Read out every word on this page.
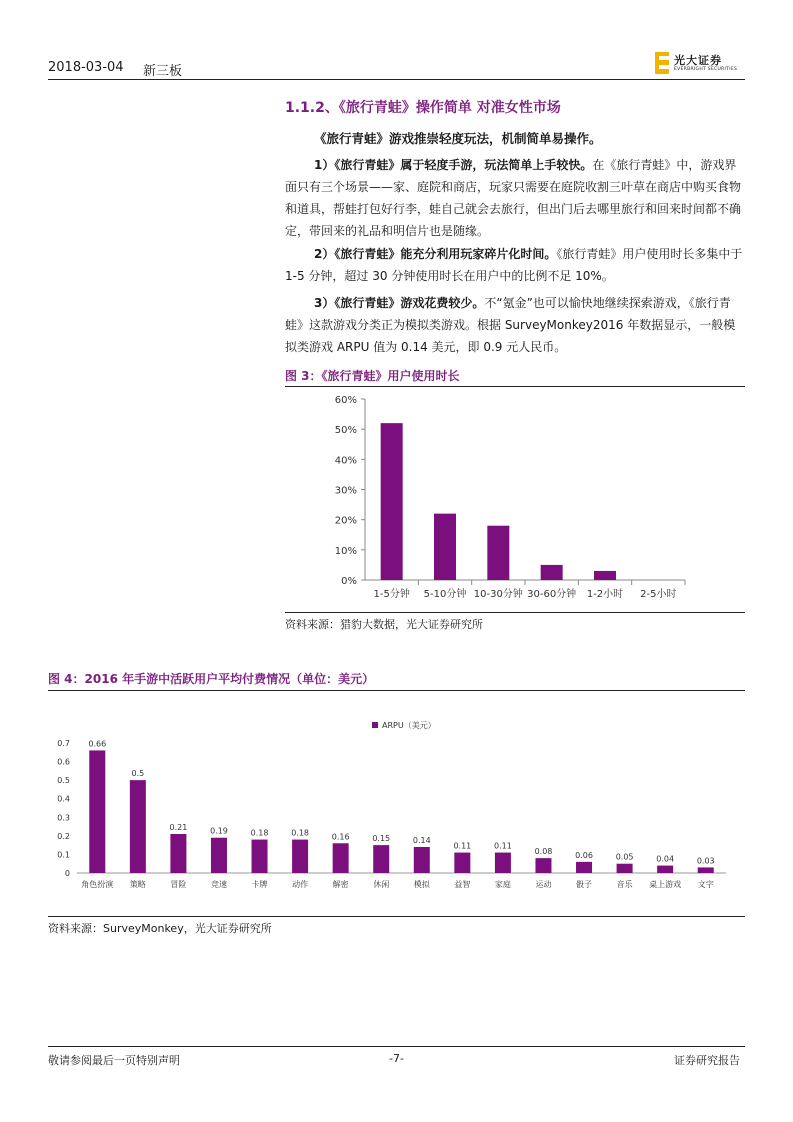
2018-03-04 新三板
光大证券
EVERBRIGHT SECURITIES
1.1.2、《旅行青蛙》操作简单 对准女性市场
《旅行青蛙》游戏推崇轻度玩法，机制简单易操作。
1）《旅行青蛙》属于轻度手游，玩法简单上手较快。在《旅行青蛙》中，游戏界面只有三个场景——家、庭院和商店，玩家只需要在庭院收割三叶草在商店中购买食物和道具，帮蛙打包好行李，蛙自己就会去旅行，但出门后去哪里旅行和回来时间都不确定，带回来的礼品和明信片也是随缘。
2）《旅行青蛙》能充分利用玩家碎片化时间。《旅行青蛙》用户使用时长多集中于 1-5 分钟，超过 30 分钟使用时长在用户中的比例不足 10%。
3）《旅行青蛙》游戏花费较少。不“氪金”也可以愉快地继续探索游戏，《旅行青蛙》这款游戏分类正为模拟类游戏。根据 SurveyMonkey2016 年数据显示，一般模拟类游戏 ARPU 值为 0.14 美元，即 0.9 元人民币。
图 3：《旅行青蛙》用户使用时长
0%
10%
20%
30%
40%
50%
60%
1-5分钟 5-10分钟 10-30分钟 30-60分钟 1-2小时 2-5小时
资料来源：猎豹大数据，光大证券研究所
图 4：2016 年手游中活跃用户平均付费情况（单位：美元）
ARPU（美元）
0
0.1
0.2
0.3
0.4
0.5
0.6
0.7 0.66
角色扮演
0.5
策略
0.21
冒险
0.19
竞速
0.18
卡牌
0.18
动作
0.16
解密
0.15
休闲
0.14
模拟
0.11
益智
0.11
家庭
0.08
运动
0.06
骰子
0.05
音乐
0.04
桌上游戏
0.03
文字
资料来源：SurveyMonkey，光大证券研究所
敬请参阅最后一页特别声明	-7-	证券研究报告
